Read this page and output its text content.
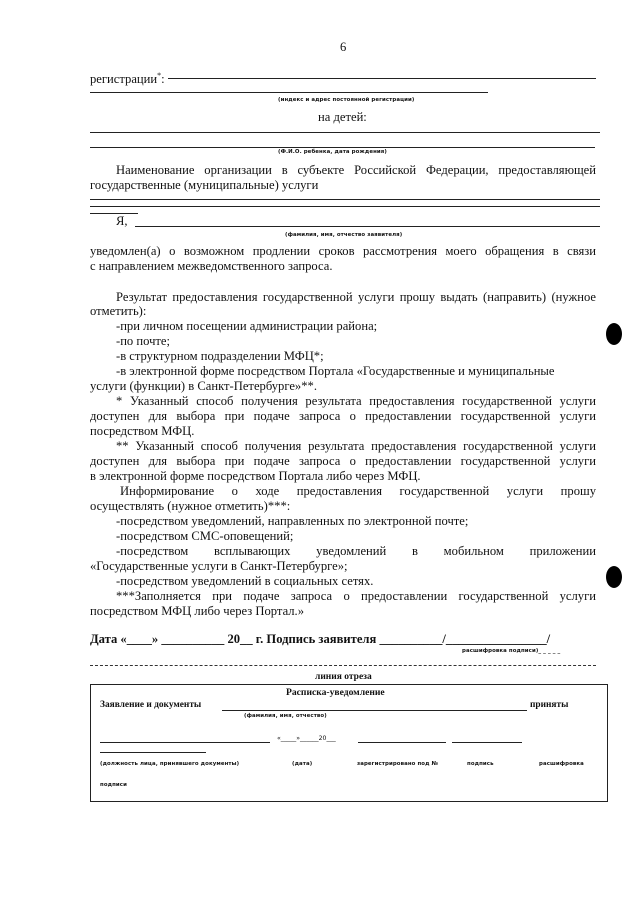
6
регистрации*:
(индекс и адрес постоянной регистрации)
на детей:
(Ф.И.О. ребенка, дата рождения)
Наименование организации в субъекте Российской Федерации, предоставляющей
государственные (муниципальные) услуги
Я,
(фамилия, имя, отчество заявителя)
уведомлен(а) о возможном продлении сроков рассмотрения моего обращения в связи
с направлением межведомственного запроса.
Результат предоставления государственной услуги прошу выдать (направить) (нужное
отметить):
-при личном посещении администрации района;
-по почте;
-в структурном подразделении МФЦ*;
-в электронной форме посредством Портала «Государственные и муниципальные
услуги (функции) в Санкт-Петербурге»**.
* Указанный способ получения результата предоставления государственной услуги
доступен для выбора при подаче запроса о предоставлении государственной услуги
посредством МФЦ.
** Указанный способ получения результата предоставления государственной услуги
доступен для выбора при подаче запроса о предоставлении государственной услуги
в электронной форме посредством Портала либо через МФЦ.
Информирование о ходе предоставления государственной услуги прошу
осуществлять (нужное отметить)***:
-посредством уведомлений, направленных по электронной почте;
-посредством СМС-оповещений;
-посредством всплывающих уведомлений в мобильном приложении
«Государственные услуги в Санкт-Петербурге»;
-посредством уведомлений в социальных сетях.
***Заполняется при подаче запроса о предоставлении государственной услуги
посредством МФЦ либо через Портал.»
Дата «____» __________ 20__ г. Подпись заявителя __________/________________/
расшифровка подписи)_ _ _ _ _
линия отреза
Расписка-уведомление
Заявление и документы	приняты
(фамилия, имя, отчество)
«_____»______20___
(должность лица, принявшего документы)	(дата)	зарегистрировано под №	подпись	расшифровка
подписи
